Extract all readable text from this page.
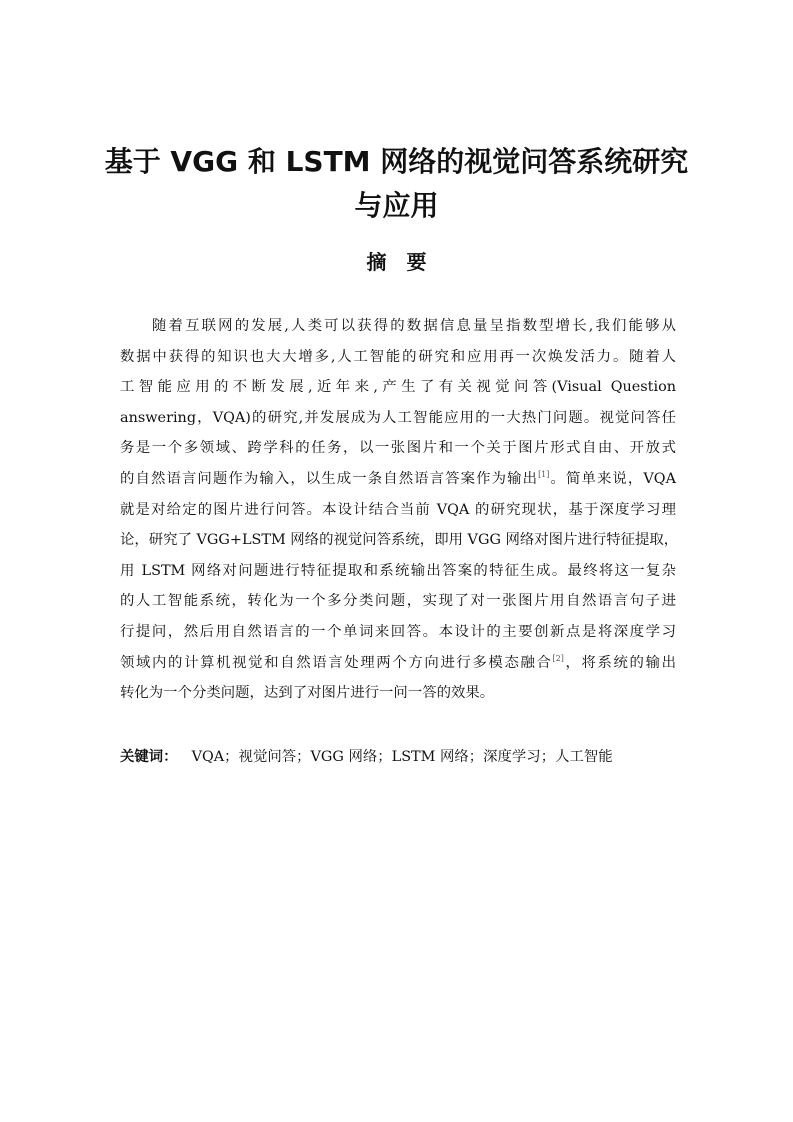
基于 VGG 和 LSTM 网络的视觉问答系统研究
与应用
摘要
随着互联网的发展,人类可以获得的数据信息量呈指数型增长,我们能够从
数据中获得的知识也大大增多,人工智能的研究和应用再一次焕发活力。随着人
工智能应用的不断发展,近年来,产生了有关视觉问答(Visual Question
answering，VQA)的研究,并发展成为人工智能应用的一大热门问题。视觉问答任
务是一个多领域、跨学科的任务，以一张图片和一个关于图片形式自由、开放式
的自然语言问题作为输入，以生成一条自然语言答案作为输出[1]。简单来说，VQA
就是对给定的图片进行问答。本设计结合当前 VQA 的研究现状，基于深度学习理
论，研究了 VGG+LSTM 网络的视觉问答系统，即用 VGG 网络对图片进行特征提取，
用 LSTM 网络对问题进行特征提取和系统输出答案的特征生成。最终将这一复杂
的人工智能系统，转化为一个多分类问题，实现了对一张图片用自然语言句子进
行提问，然后用自然语言的一个单词来回答。本设计的主要创新点是将深度学习
领域内的计算机视觉和自然语言处理两个方向进行多模态融合[2]，将系统的输出
转化为一个分类问题，达到了对图片进行一问一答的效果。
关键词： VQA；视觉问答；VGG 网络；LSTM 网络；深度学习；人工智能
